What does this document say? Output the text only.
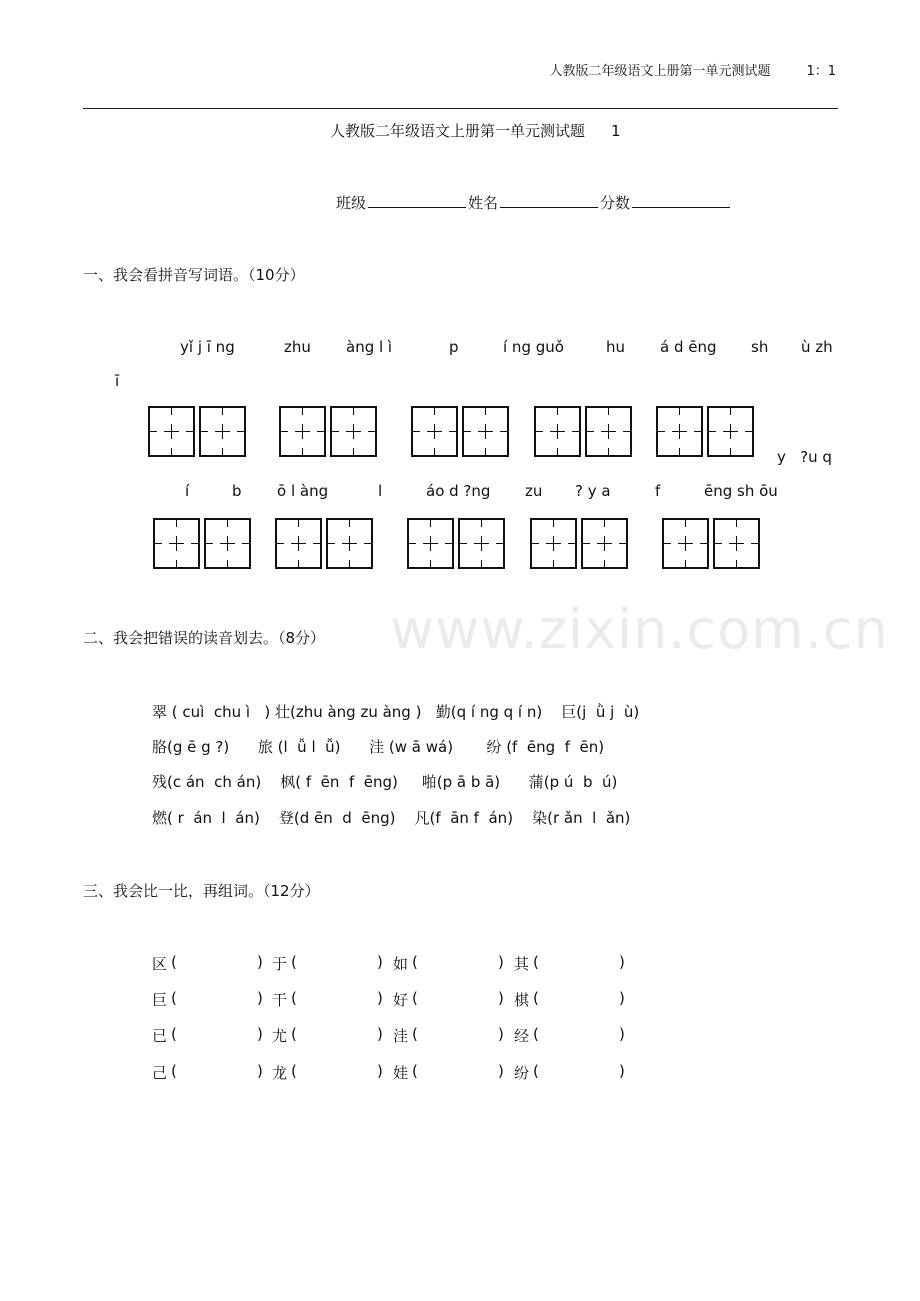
人教版二年级语文上册第一单元测试题	1：1
人教版二年级语文上册第一单元测试题 1
班级	姓名	分数
一、我会看拼音写词语。（10分）
yǐ j ī ng	zhu àng l ì	p	í ng guǒ	hu á d ēng sh ù zh
ī
y   ?u q
í	b ō l àng	l	áo d ?ng zu ? y a	f	ēng sh ōu
www.zixin.com.cn
二、我会把错误的读音划去。（8分）
翠 ( cuì  chu ì   ) 壮(zhu àng zu àng )   勤(q í ng q í n)    巨(j  ǜ j  ù)
胳(g ē g ?)      旅 (l  ǚ l  ǚ)      洼 (w ā wá)       纷 (f  ēng  f  ēn)
残(c án  ch án)    枫( f  ēn  f  ēng)     啪(p ā b ā)      蒲(p ú  b  ú)
燃( r  án  l  án)    登(d ēn  d  ēng)    凡(f  ān f  án)    染(r ǎn  l  ǎn)
三、我会比一比，再组词。（12分）
区 (	) 于 (	) 如 (	) 其 (	)
巨 (	) 干 (	) 好 (	) 棋 (	)
已 (	) 尤 (	) 洼 (	) 经 (	)
己 (	) 龙 (	) 娃 (	) 纷 (	)
